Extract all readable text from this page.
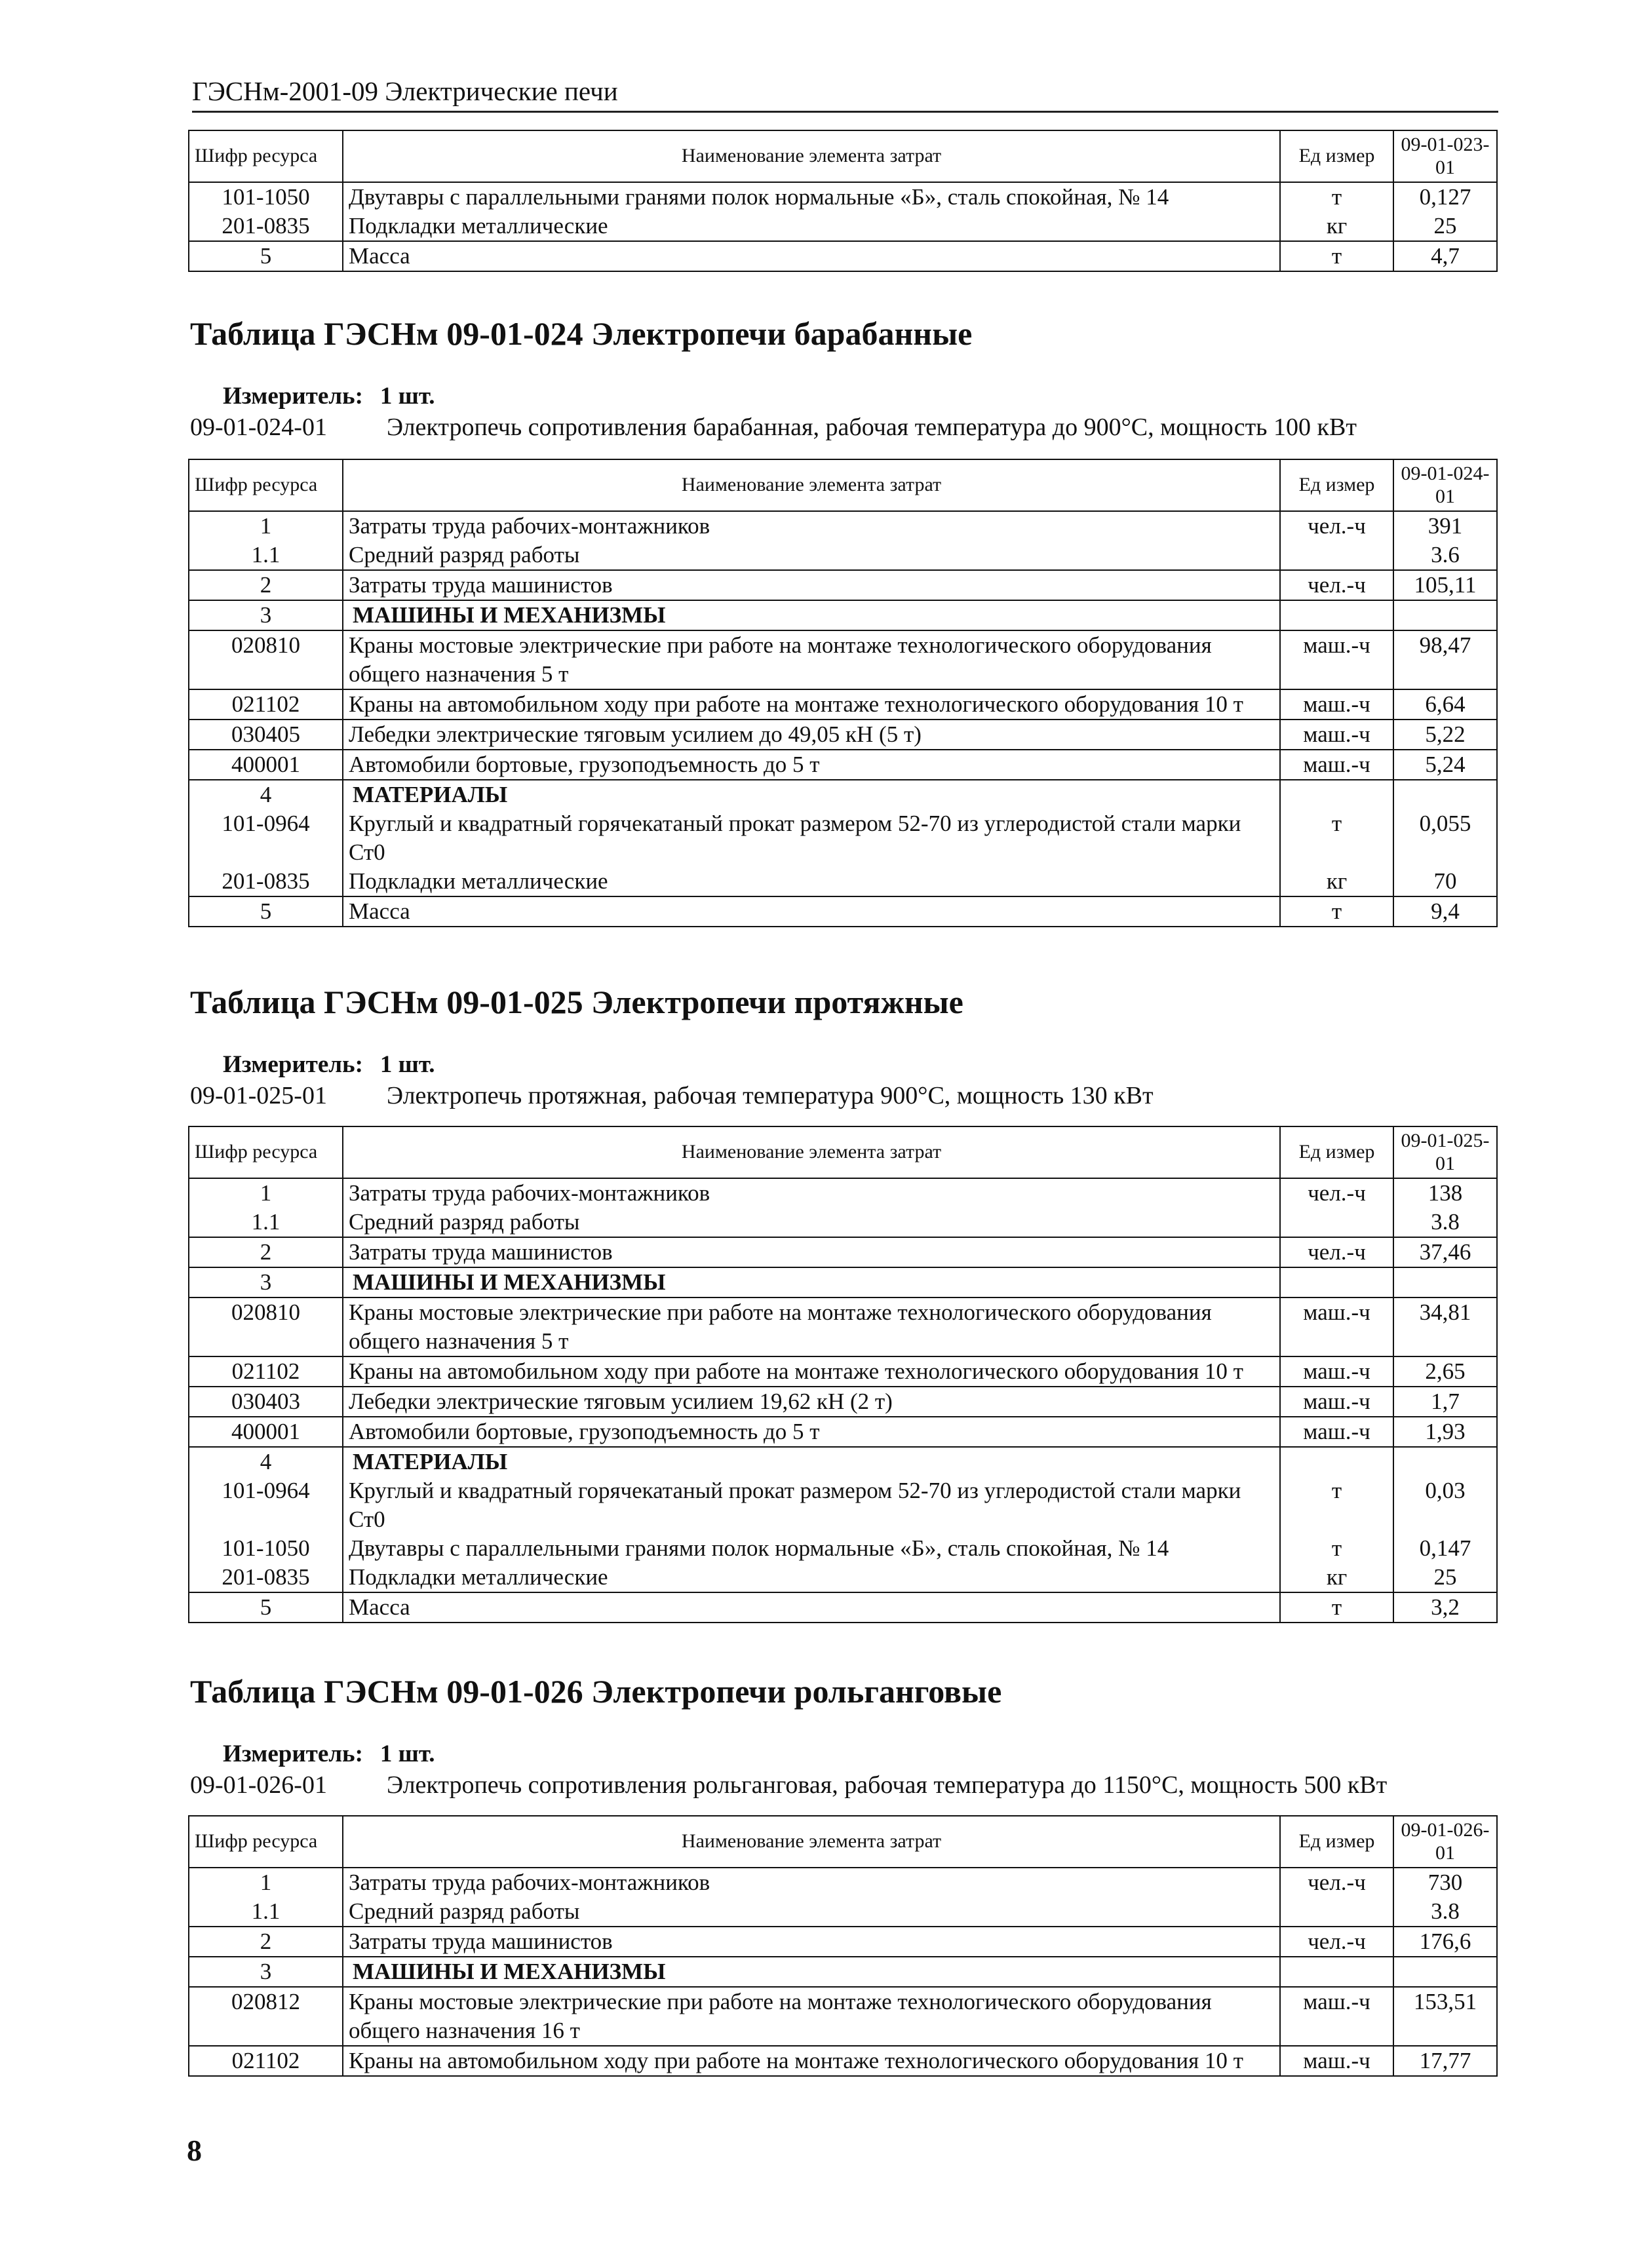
ГЭСНм-2001-09 Электрические печи
Шифр ресурса	Наименование элемента затрат	Ед измер	09-01-023-01
101-1050	Двутавры с параллельными гранями полок нормальные «Б», сталь спокойная, № 14	т	0,127
201-0835	Подкладки металлические	кг	25
5	Масса	т	4,7
Таблица ГЭСНм 09-01-024 Электропечи барабанные
Измеритель: 1 шт.
09-01-024-01 Электропечь сопротивления барабанная, рабочая температура до 900°С, мощность 100 кВт
Шифр ресурса	Наименование элемента затрат	Ед измер	09-01-024-01
1	Затраты труда рабочих-монтажников	чел.-ч	391
1.1	Средний разряд работы		3.6
2	Затраты труда машинистов	чел.-ч	105,11
3	МАШИНЫ И МЕХАНИЗМЫ		
020810	Краны мостовые электрические при работе на монтаже технологического оборудования общего назначения 5 т	маш.-ч	98,47
021102	Краны на автомобильном ходу при работе на монтаже технологического оборудования 10 т	маш.-ч	6,64
030405	Лебедки электрические тяговым усилием до 49,05 кН (5 т)	маш.-ч	5,22
400001	Автомобили бортовые, грузоподъемность до 5 т	маш.-ч	5,24
4	МАТЕРИАЛЫ		
101-0964	Круглый и квадратный горячекатаный прокат размером 52-70 из углеродистой стали марки Ст0	т	0,055
201-0835	Подкладки металлические	кг	70
5	Масса	т	9,4
Таблица ГЭСНм 09-01-025 Электропечи протяжные
Измеритель: 1 шт.
09-01-025-01 Электропечь протяжная, рабочая температура 900°С, мощность 130 кВт
Шифр ресурса	Наименование элемента затрат	Ед измер	09-01-025-01
1	Затраты труда рабочих-монтажников	чел.-ч	138
1.1	Средний разряд работы		3.8
2	Затраты труда машинистов	чел.-ч	37,46
3	МАШИНЫ И МЕХАНИЗМЫ		
020810	Краны мостовые электрические при работе на монтаже технологического оборудования общего назначения 5 т	маш.-ч	34,81
021102	Краны на автомобильном ходу при работе на монтаже технологического оборудования 10 т	маш.-ч	2,65
030403	Лебедки электрические тяговым усилием 19,62 кН (2 т)	маш.-ч	1,7
400001	Автомобили бортовые, грузоподъемность до 5 т	маш.-ч	1,93
4	МАТЕРИАЛЫ		
101-0964	Круглый и квадратный горячекатаный прокат размером 52-70 из углеродистой стали марки Ст0	т	0,03
101-1050	Двутавры с параллельными гранями полок нормальные «Б», сталь спокойная, № 14	т	0,147
201-0835	Подкладки металлические	кг	25
5	Масса	т	3,2
Таблица ГЭСНм 09-01-026 Электропечи рольганговые
Измеритель: 1 шт.
09-01-026-01 Электропечь сопротивления рольганговая, рабочая температура до 1150°С, мощность 500 кВт
Шифр ресурса	Наименование элемента затрат	Ед измер	09-01-026-01
1	Затраты труда рабочих-монтажников	чел.-ч	730
1.1	Средний разряд работы		3.8
2	Затраты труда машинистов	чел.-ч	176,6
3	МАШИНЫ И МЕХАНИЗМЫ		
020812	Краны мостовые электрические при работе на монтаже технологического оборудования общего назначения 16 т	маш.-ч	153,51
021102	Краны на автомобильном ходу при работе на монтаже технологического оборудования 10 т	маш.-ч	17,77
8
